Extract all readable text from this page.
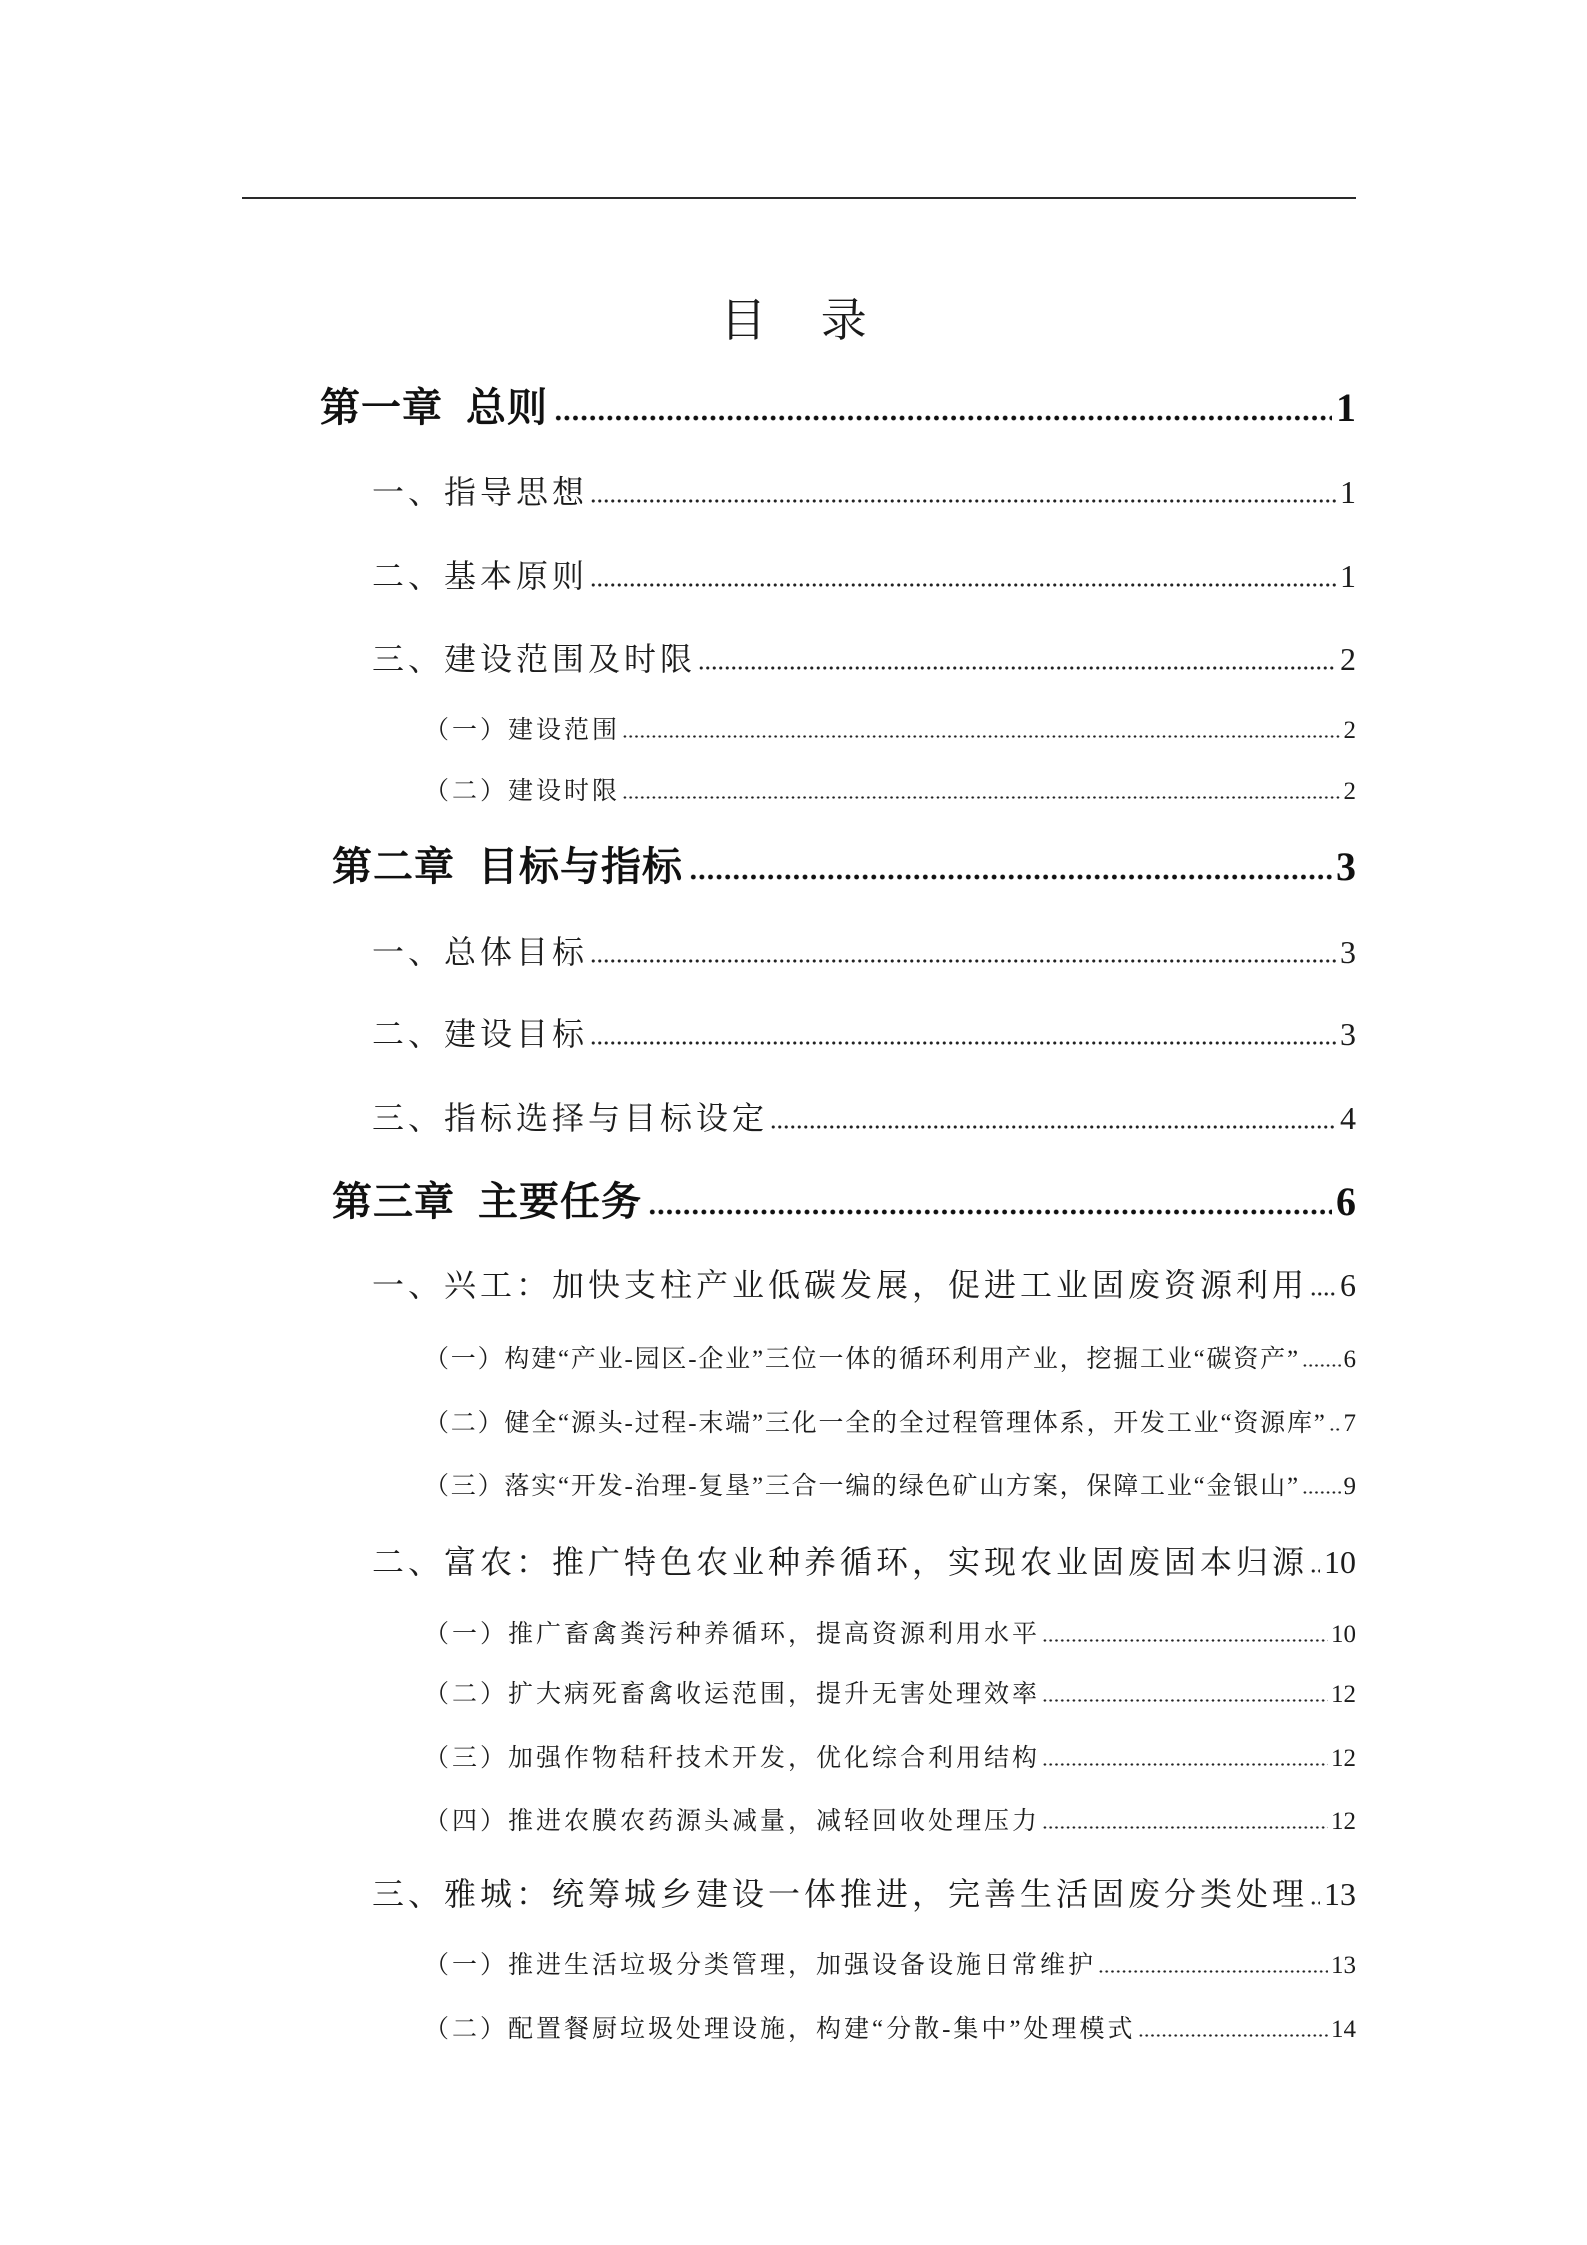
目 录
第一章 总则	1
一、指导思想	1
二、基本原则	1
三、建设范围及时限	2
（一）建设范围	2
（二）建设时限	2
第二章 目标与指标	3
一、总体目标	3
二、建设目标	3
三、指标选择与目标设定	4
第三章 主要任务	6
一、兴工：加快支柱产业低碳发展，促进工业固废资源利用 6
（一）构建“产业-园区-企业”三位一体的循环利用产业，挖掘工业“碳资产” 6
（二）健全“源头-过程-末端”三化一全的全过程管理体系，开发工业“资源库” 7
（三）落实“开发-治理-复垦”三合一编的绿色矿山方案，保障工业“金银山” 9
二、富农：推广特色农业种养循环，实现农业固废固本归源 10
（一）推广畜禽粪污种养循环，提高资源利用水平	10
（二）扩大病死畜禽收运范围，提升无害处理效率	12
（三）加强作物秸秆技术开发，优化综合利用结构	12
（四）推进农膜农药源头减量，减轻回收处理压力	12
三、雅城：统筹城乡建设一体推进，完善生活固废分类处理 13
（一）推进生活垃圾分类管理，加强设备设施日常维护	13
（二）配置餐厨垃圾处理设施，构建“分散-集中”处理模式	14
